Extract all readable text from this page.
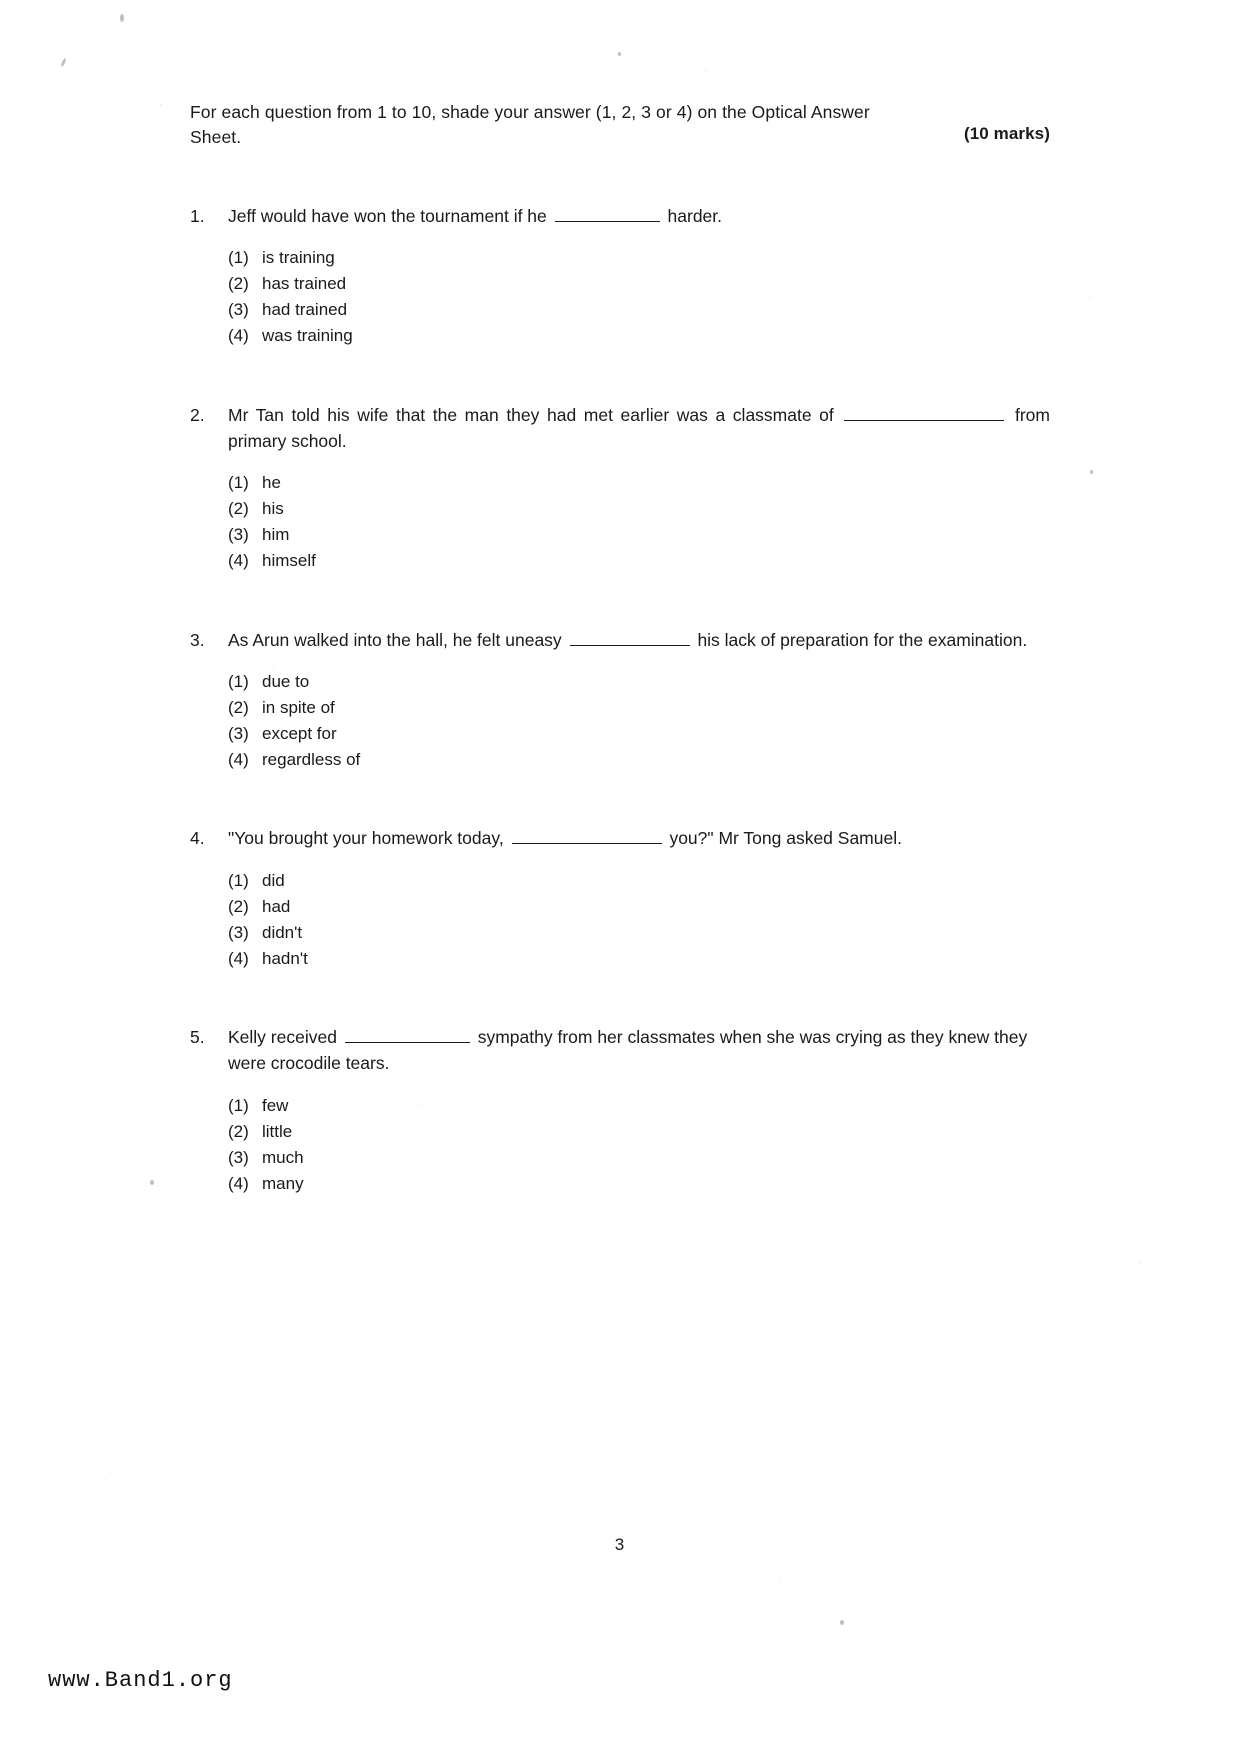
For each question from 1 to 10, shade your answer (1, 2, 3 or 4) on the Optical Answer
Sheet.	(10 marks)
1.	Jeff would have won the tournament if he	harder.
(1) is training
(2) has trained
(3) had trained
(4) was training
2.	Mr Tan told his wife that the man they had met earlier was a classmate of	from primary school.
(1) he
(2) his
(3) him
(4) himself
3.	As Arun walked into the hall, he felt uneasy	his lack of preparation for the examination.
(1) due to
(2) in spite of
(3) except for
(4) regardless of
4.	"You brought your homework today,	you?" Mr Tong asked Samuel.
(1) did
(2) had
(3) didn't
(4) hadn't
5.	Kelly received	sympathy from her classmates when she was crying as they knew they were crocodile tears.
(1) few
(2) little
(3) much
(4) many
3
www.Band1.org
